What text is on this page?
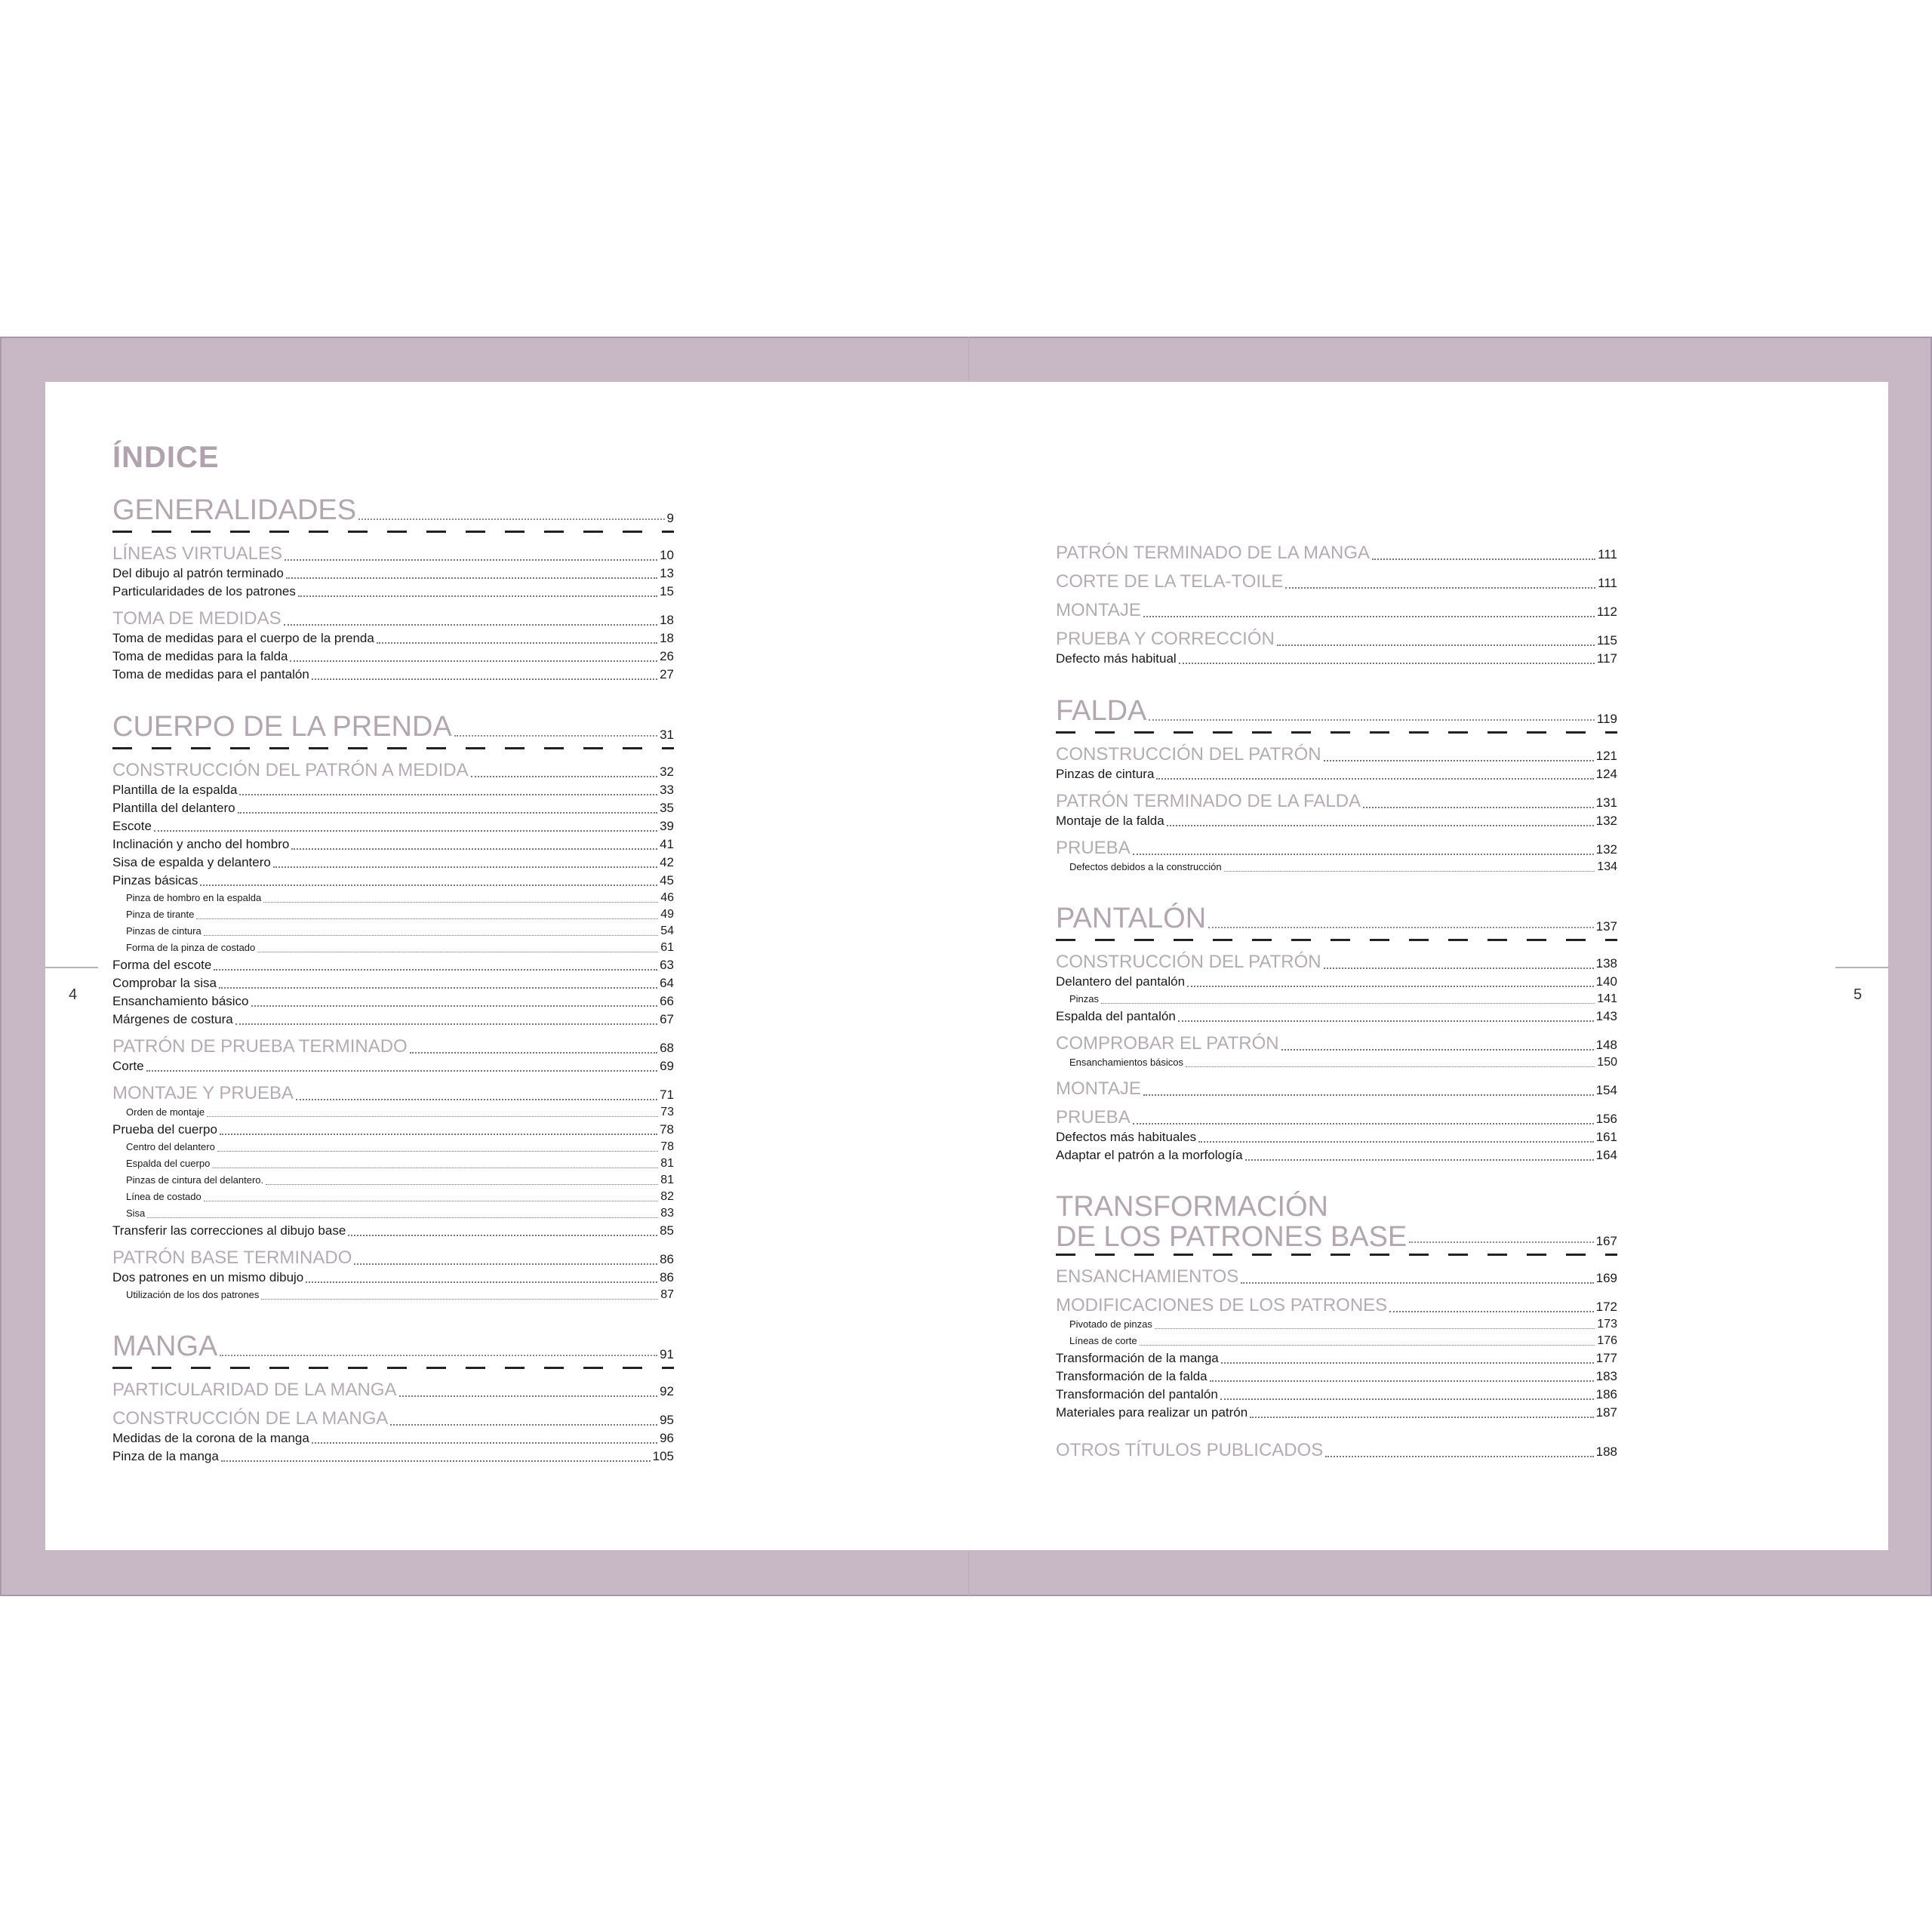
4	5
ÍNDICE
GENERALIDADES	9
LÍNEAS VIRTUALES	10
Del dibujo al patrón terminado	13
Particularidades de los patrones	15
TOMA DE MEDIDAS	18
Toma de medidas para el cuerpo de la prenda	18
Toma de medidas para la falda	26
Toma de medidas para el pantalón	27
CUERPO DE LA PRENDA	31
CONSTRUCCIÓN DEL PATRÓN A MEDIDA	32
Plantilla de la espalda	33
Plantilla del delantero	35
Escote	39
Inclinación y ancho del hombro	41
Sisa de espalda y delantero	42
Pinzas básicas	45
Pinza de hombro en la espalda	46
Pinza de tirante	49
Pinzas de cintura	54
Forma de la pinza de costado	61
Forma del escote	63
Comprobar la sisa	64
Ensanchamiento básico	66
Márgenes de costura	67
PATRÓN DE PRUEBA TERMINADO	68
Corte	69
MONTAJE Y PRUEBA	71
Orden de montaje	73
Prueba del cuerpo	78
Centro del delantero	78
Espalda del cuerpo	81
Pinzas de cintura del delantero.	81
Línea de costado	82
Sisa	83
Transferir las correcciones al dibujo base	85
PATRÓN BASE TERMINADO	86
Dos patrones en un mismo dibujo	86
Utilización de los dos patrones	87
MANGA	91
PARTICULARIDAD DE LA MANGA	92
CONSTRUCCIÓN DE LA MANGA	95
Medidas de la corona de la manga	96
Pinza de la manga	105
PATRÓN TERMINADO DE LA MANGA	111
CORTE DE LA TELA-TOILE	111
MONTAJE	112
PRUEBA Y CORRECCIÓN	115
Defecto más habitual	117
FALDA	119
CONSTRUCCIÓN DEL PATRÓN	121
Pinzas de cintura	124
PATRÓN TERMINADO DE LA FALDA	131
Montaje de la falda	132
PRUEBA	132
Defectos debidos a la construcción	134
PANTALÓN	137
CONSTRUCCIÓN DEL PATRÓN	138
Delantero del pantalón	140
Pinzas	141
Espalda del pantalón	143
COMPROBAR EL PATRÓN	148
Ensanchamientos básicos	150
MONTAJE	154
PRUEBA	156
Defectos más habituales	161
Adaptar el patrón a la morfología	164
TRANSFORMACIÓN
DE LOS PATRONES BASE	167
ENSANCHAMIENTOS	169
MODIFICACIONES DE LOS PATRONES	172
Pivotado de pinzas	173
Líneas de corte	176
Transformación de la manga	177
Transformación de la falda	183
Transformación del pantalón	186
Materiales para realizar un patrón	187
OTROS TÍTULOS PUBLICADOS	188
